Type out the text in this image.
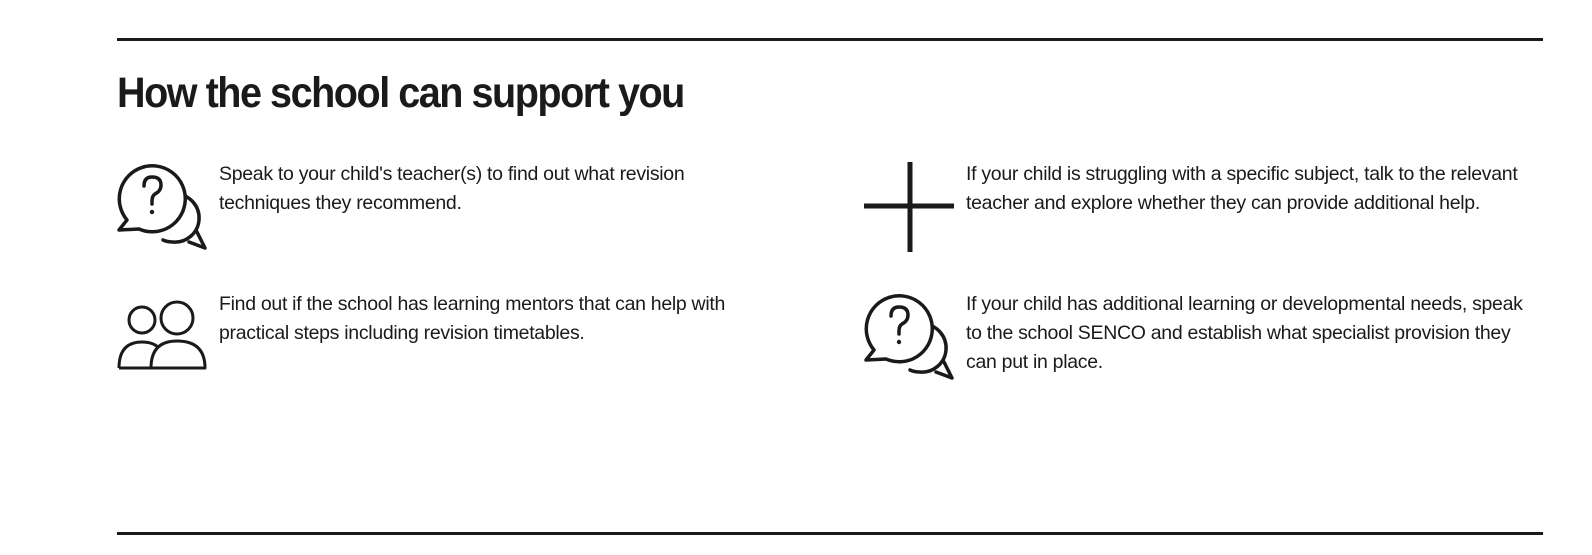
How the school can support you

Speak to your child's teacher(s) to find out what revision techniques they recommend.

If your child is struggling with a specific subject, talk to the relevant teacher and explore whether they can provide additional help.

Find out if the school has learning mentors that can help with practical steps including revision timetables.

If your child has additional learning or developmental needs, speak to the school SENCO and establish what specialist provision they can put in place.
